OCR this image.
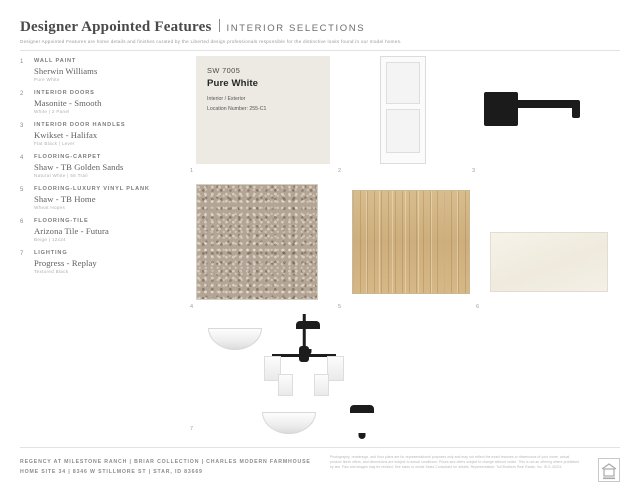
Designer Appointed Features INTERIOR SELECTIONS
Designer Appointed Features are home details and finishes curated by the Liberted design professionals responsible for the distinctive looks found in our model homes.
1 WALL PAINT
Sherwin Williams
Pure White
2 INTERIOR DOORS
Masonite - Smooth
White | 2 Panel
3 INTERIOR DOOR HANDLES
Kwikset - Halifax
Flat Black | Lever
4 FLOORING-CARPET
Shaw - TB Golden Sands
Natural White | 56 Trail
5 FLOORING-LUXURY VINYL PLANK
Shaw - TB Home
Wheat Hopes
6 FLOORING-TILE
Arizona Tile - Futura
Beige | 12x24
7 LIGHTING
Progress - Replay
Textured Black
SW 7005
Pure White
Interior / Exterior
Location Number: 255-C1
1	2	3
4	5	6
7
REGENCY AT MILESTONE RANCH | BRIAR COLLECTION | CHARLES MODERN FARMHOUSE
HOME SITE 34 | 8346 W STILLMORE ST | STAR, ID 83669
Photography, renderings, and floor plans are for representational purposes only and may not reflect the exact features or dimensions of your home, actual product finish offers, and dimensions are subject to actual conditions. Prices and offers subject to change without notice. This is not an offering where prohibited by law. Plan and images may be revised. See sales or onsite Sales Consultant for details. Representation: Toll Brothers Real Estate, Inc. ID E-43224
